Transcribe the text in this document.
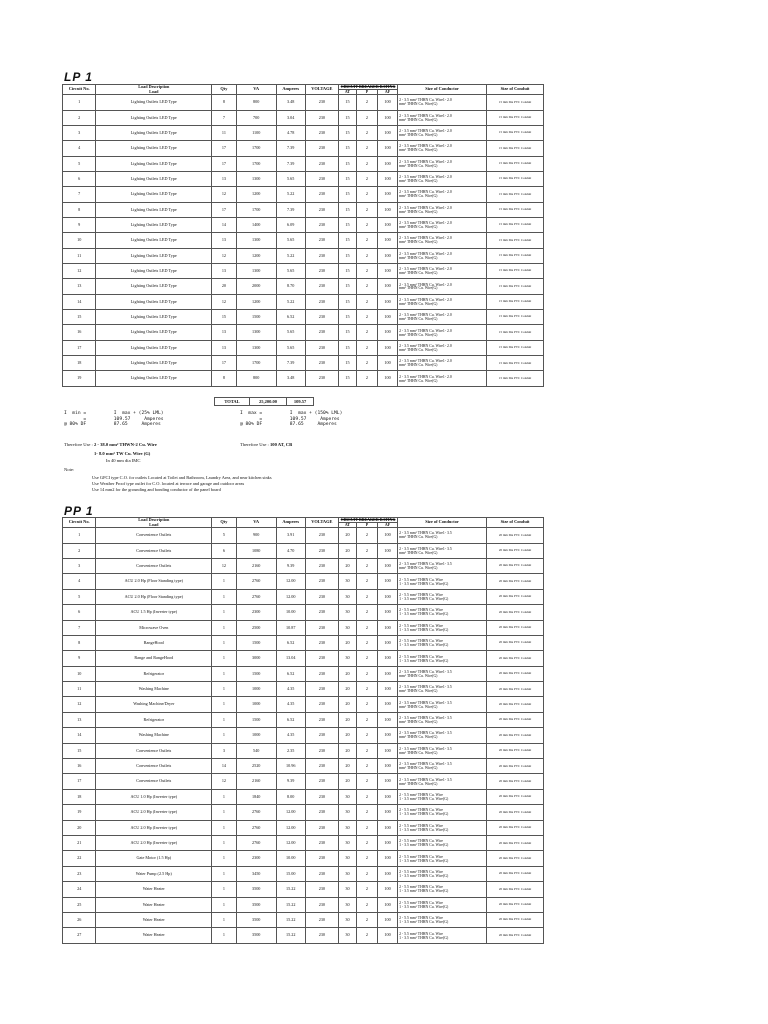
LP 1
Circuit No.	Load Description
Load	Qty	VA	Amperes	VOLTAGE	CIRCUIT BREAKER RATING			Size of Conductor	Size of Conduit
						AT	P	AF		
1	Lighting Outlets LED Type	8	800	3.48	230	15	2	100	2 - 3.5 mm² THHN Cu. Wire1- 2.0
mm² THHN Cu. Wire(G)	15 mm Dia PVC Conduit
2	Lighting Outlets LED Type	7	700	3.04	230	15	2	100	2 - 3.5 mm² THHN Cu. Wire1- 2.0
mm² THHN Cu. Wire(G)	15 mm Dia PVC Conduit
3	Lighting Outlets LED Type	11	1100	4.78	230	15	2	100	2 - 3.5 mm² THHN Cu. Wire1- 2.0
mm² THHN Cu. Wire(G)	15 mm Dia PVC Conduit
4	Lighting Outlets LED Type	17	1700	7.39	230	15	2	100	2 - 3.5 mm² THHN Cu. Wire1- 2.0
mm² THHN Cu. Wire(G)	15 mm Dia PVC Conduit
5	Lighting Outlets LED Type	17	1700	7.39	230	15	2	100	2 - 3.5 mm² THHN Cu. Wire1- 2.0
mm² THHN Cu. Wire(G)	15 mm Dia PVC Conduit
6	Lighting Outlets LED Type	13	1300	5.65	230	15	2	100	2 - 3.5 mm² THHN Cu. Wire1- 2.0
mm² THHN Cu. Wire(G)	15 mm Dia PVC Conduit
7	Lighting Outlets LED Type	12	1200	5.22	230	15	2	100	2 - 3.5 mm² THHN Cu. Wire1- 2.0
mm² THHN Cu. Wire(G)	15 mm Dia PVC Conduit
8	Lighting Outlets LED Type	17	1700	7.39	230	15	2	100	2 - 3.5 mm² THHN Cu. Wire1- 2.0
mm² THHN Cu. Wire(G)	15 mm Dia PVC Conduit
9	Lighting Outlets LED Type	14	1400	6.09	230	15	2	100	2 - 3.5 mm² THHN Cu. Wire1- 2.0
mm² THHN Cu. Wire(G)	15 mm Dia PVC Conduit
10	Lighting Outlets LED Type	13	1300	5.65	230	15	2	100	2 - 3.5 mm² THHN Cu. Wire1- 2.0
mm² THHN Cu. Wire(G)	15 mm Dia PVC Conduit
11	Lighting Outlets LED Type	12	1200	5.22	230	15	2	100	2 - 3.5 mm² THHN Cu. Wire1- 2.0
mm² THHN Cu. Wire(G)	15 mm Dia PVC Conduit
12	Lighting Outlets LED Type	13	1300	5.65	230	15	2	100	2 - 3.5 mm² THHN Cu. Wire1- 2.0
mm² THHN Cu. Wire(G)	15 mm Dia PVC Conduit
13	Lighting Outlets LED Type	20	2000	8.70	230	15	2	100	2 - 3.5 mm² THHN Cu. Wire1- 2.0
mm² THHN Cu. Wire(G)	15 mm Dia PVC Conduit
14	Lighting Outlets LED Type	12	1200	5.22	230	15	2	100	2 - 3.5 mm² THHN Cu. Wire1- 2.0
mm² THHN Cu. Wire(G)	15 mm Dia PVC Conduit
15	Lighting Outlets LED Type	15	1500	6.52	230	15	2	100	2 - 3.5 mm² THHN Cu. Wire1- 2.0
mm² THHN Cu. Wire(G)	15 mm Dia PVC Conduit
16	Lighting Outlets LED Type	13	1300	5.65	230	15	2	100	2 - 3.5 mm² THHN Cu. Wire1- 2.0
mm² THHN Cu. Wire(G)	15 mm Dia PVC Conduit
17	Lighting Outlets LED Type	13	1300	5.65	230	15	2	100	2 - 3.5 mm² THHN Cu. Wire1- 2.0
mm² THHN Cu. Wire(G)	15 mm Dia PVC Conduit
18	Lighting Outlets LED Type	17	1700	7.39	230	15	2	100	2 - 3.5 mm² THHN Cu. Wire1- 2.0
mm² THHN Cu. Wire(G)	15 mm Dia PVC Conduit
19	Lighting Outlets LED Type	8	800	3.48	230	15	2	100	2 - 3.5 mm² THHN Cu. Wire1- 2.0
mm² THHN Cu. Wire(G)	15 mm Dia PVC Conduit
TOTAL	25,200.00	109.57
I  min =          I  max + (25% LML)
=          109.57     Amperes
@ 80% DF          87.65     Amperes
I  max =          I  max + (150% LML)
=          109.57     Amperes
@ 80% DF          87.65     Amperes
Therefore Use : 2 - 38.0 mm² THWN-2 Cu. Wire
1- 8.0 mm² TW Cu. Wire (G)
In 40 mm dia IMC
Therefore Use : 100 AT, CB
Note:
Use GFCI type C.O. for outlets Located at Toilet and Bathroom, Laundry Area, and near kitchen sinks
Use Weather Proof type outlet for C.O. located at terrace and garage and outdoor areas
Use 14 mm2 for the grounding and bonding conductor of the panel board
PP 1
Circuit No.	Load Description
Load	Qty	VA	Amperes	VOLTAGE	CIRCUIT BREAKER RATING			Size of Conductor	Size of Conduit
						AT	P	AF		
1	Convenience Outlets	5	900	3.91	230	20	2	100	2 - 3.5 mm² THHN Cu. Wire1- 3.5
mm² THHN Cu. Wire(G)	20 mm Dia PVC Conduit
2	Convenience Outlets	6	1080	4.70	230	20	2	100	2 - 3.5 mm² THHN Cu. Wire1- 3.5
mm² THHN Cu. Wire(G)	20 mm Dia PVC Conduit
3	Convenience Outlets	12	2160	9.39	230	20	2	100	2 - 3.5 mm² THHN Cu. Wire1- 3.5
mm² THHN Cu. Wire(G)	20 mm Dia PVC Conduit
4	ACU 2.0 Hp (Floor Standing type)	1	2760	12.00	230	30	2	100	2 - 5.5 mm² THHN Cu. Wire
1 - 3.5 mm² THHN Cu. Wire(G)	20 mm Dia PVC Conduit
5	ACU 2.0 Hp (Floor Standing type)	1	2760	12.00	230	30	2	100	2 - 5.5 mm² THHN Cu. Wire
1 - 3.5 mm² THHN Cu. Wire(G)	20 mm Dia PVC Conduit
6	ACU 1.5 Hp (Inverter type)	1	2300	10.00	230	30	2	100	2 - 5.5 mm² THHN Cu. Wire
1 - 3.5 mm² THHN Cu. Wire(G)	20 mm Dia PVC Conduit
7	Microwave Oven	1	2500	10.87	230	30	2	100	2 - 5.5 mm² THHN Cu. Wire
1 - 3.5 mm² THHN Cu. Wire(G)	20 mm Dia PVC Conduit
8	RangeHood	1	1500	6.52	230	20	2	100	2 - 5.5 mm² THHN Cu. Wire
1 - 3.5 mm² THHN Cu. Wire(G)	20 mm Dia PVC Conduit
9	Range and RangeHood	1	3000	13.04	230	30	2	100	2 - 5.5 mm² THHN Cu. Wire
1 - 3.5 mm² THHN Cu. Wire(G)	20 mm Dia PVC Conduit
10	Refrigerator	1	1500	6.52	230	20	2	100	2 - 3.5 mm² THHN Cu. Wire1- 3.5
mm² THHN Cu. Wire(G)	20 mm Dia PVC Conduit
11	Washing Machine	1	1000	4.35	230	20	2	100	2 - 3.5 mm² THHN Cu. Wire1- 3.5
mm² THHN Cu. Wire(G)	20 mm Dia PVC Conduit
12	Washing Machine/Dryer	1	1000	4.35	230	20	2	100	2 - 3.5 mm² THHN Cu. Wire1- 3.5
mm² THHN Cu. Wire(G)	20 mm Dia PVC Conduit
13	Refrigerator	1	1500	6.52	230	20	2	100	2 - 3.5 mm² THHN Cu. Wire1- 3.5
mm² THHN Cu. Wire(G)	20 mm Dia PVC Conduit
14	Washing Machine	1	1000	4.35	230	20	2	100	2 - 3.5 mm² THHN Cu. Wire1- 3.5
mm² THHN Cu. Wire(G)	20 mm Dia PVC Conduit
15	Convenience Outlets	3	540	2.35	230	20	2	100	2 - 3.5 mm² THHN Cu. Wire1- 3.5
mm² THHN Cu. Wire(G)	20 mm Dia PVC Conduit
16	Convenience Outlets	14	2520	10.96	230	20	2	100	2 - 3.5 mm² THHN Cu. Wire1- 3.5
mm² THHN Cu. Wire(G)	20 mm Dia PVC Conduit
17	Convenience Outlets	12	2160	9.39	230	20	2	100	2 - 3.5 mm² THHN Cu. Wire1- 3.5
mm² THHN Cu. Wire(G)	20 mm Dia PVC Conduit
18	ACU 1.0 Hp (Inverter type)	1	1840	8.00	230	30	2	100	2 - 5.5 mm² THHN Cu. Wire
1 - 3.5 mm² THHN Cu. Wire(G)	20 mm Dia PVC Conduit
19	ACU 2.0 Hp (Inverter type)	1	2760	12.00	230	30	2	100	2 - 5.5 mm² THHN Cu. Wire
1 - 3.5 mm² THHN Cu. Wire(G)	20 mm Dia PVC Conduit
20	ACU 2.0 Hp (Inverter type)	1	2760	12.00	230	30	2	100	2 - 5.5 mm² THHN Cu. Wire
1 - 3.5 mm² THHN Cu. Wire(G)	20 mm Dia PVC Conduit
21	ACU 2.0 Hp (Inverter type)	1	2760	12.00	230	30	2	100	2 - 5.5 mm² THHN Cu. Wire
1 - 3.5 mm² THHN Cu. Wire(G)	20 mm Dia PVC Conduit
22	Gate Motor (1.5 Hp)	1	2300	10.00	230	30	2	100	2 - 5.5 mm² THHN Cu. Wire
1 - 3.5 mm² THHN Cu. Wire(G)	20 mm Dia PVC Conduit
23	Water Pump (2.5 Hp)	1	3450	15.00	230	30	2	100	2 - 5.5 mm² THHN Cu. Wire
1 - 3.5 mm² THHN Cu. Wire(G)	20 mm Dia PVC Conduit
24	Water Heater	1	3500	15.22	230	30	2	100	2 - 5.5 mm² THHN Cu. Wire
1 - 3.5 mm² THHN Cu. Wire(G)	20 mm Dia PVC Conduit
25	Water Heater	1	3500	15.22	230	30	2	100	2 - 5.5 mm² THHN Cu. Wire
1 - 3.5 mm² THHN Cu. Wire(G)	20 mm Dia PVC Conduit
26	Water Heater	1	3500	15.22	230	30	2	100	2 - 5.5 mm² THHN Cu. Wire
1 - 3.5 mm² THHN Cu. Wire(G)	20 mm Dia PVC Conduit
27	Water Heater	1	3500	15.22	230	30	2	100	2 - 5.5 mm² THHN Cu. Wire
1 - 3.5 mm² THHN Cu. Wire(G)	20 mm Dia PVC Conduit
